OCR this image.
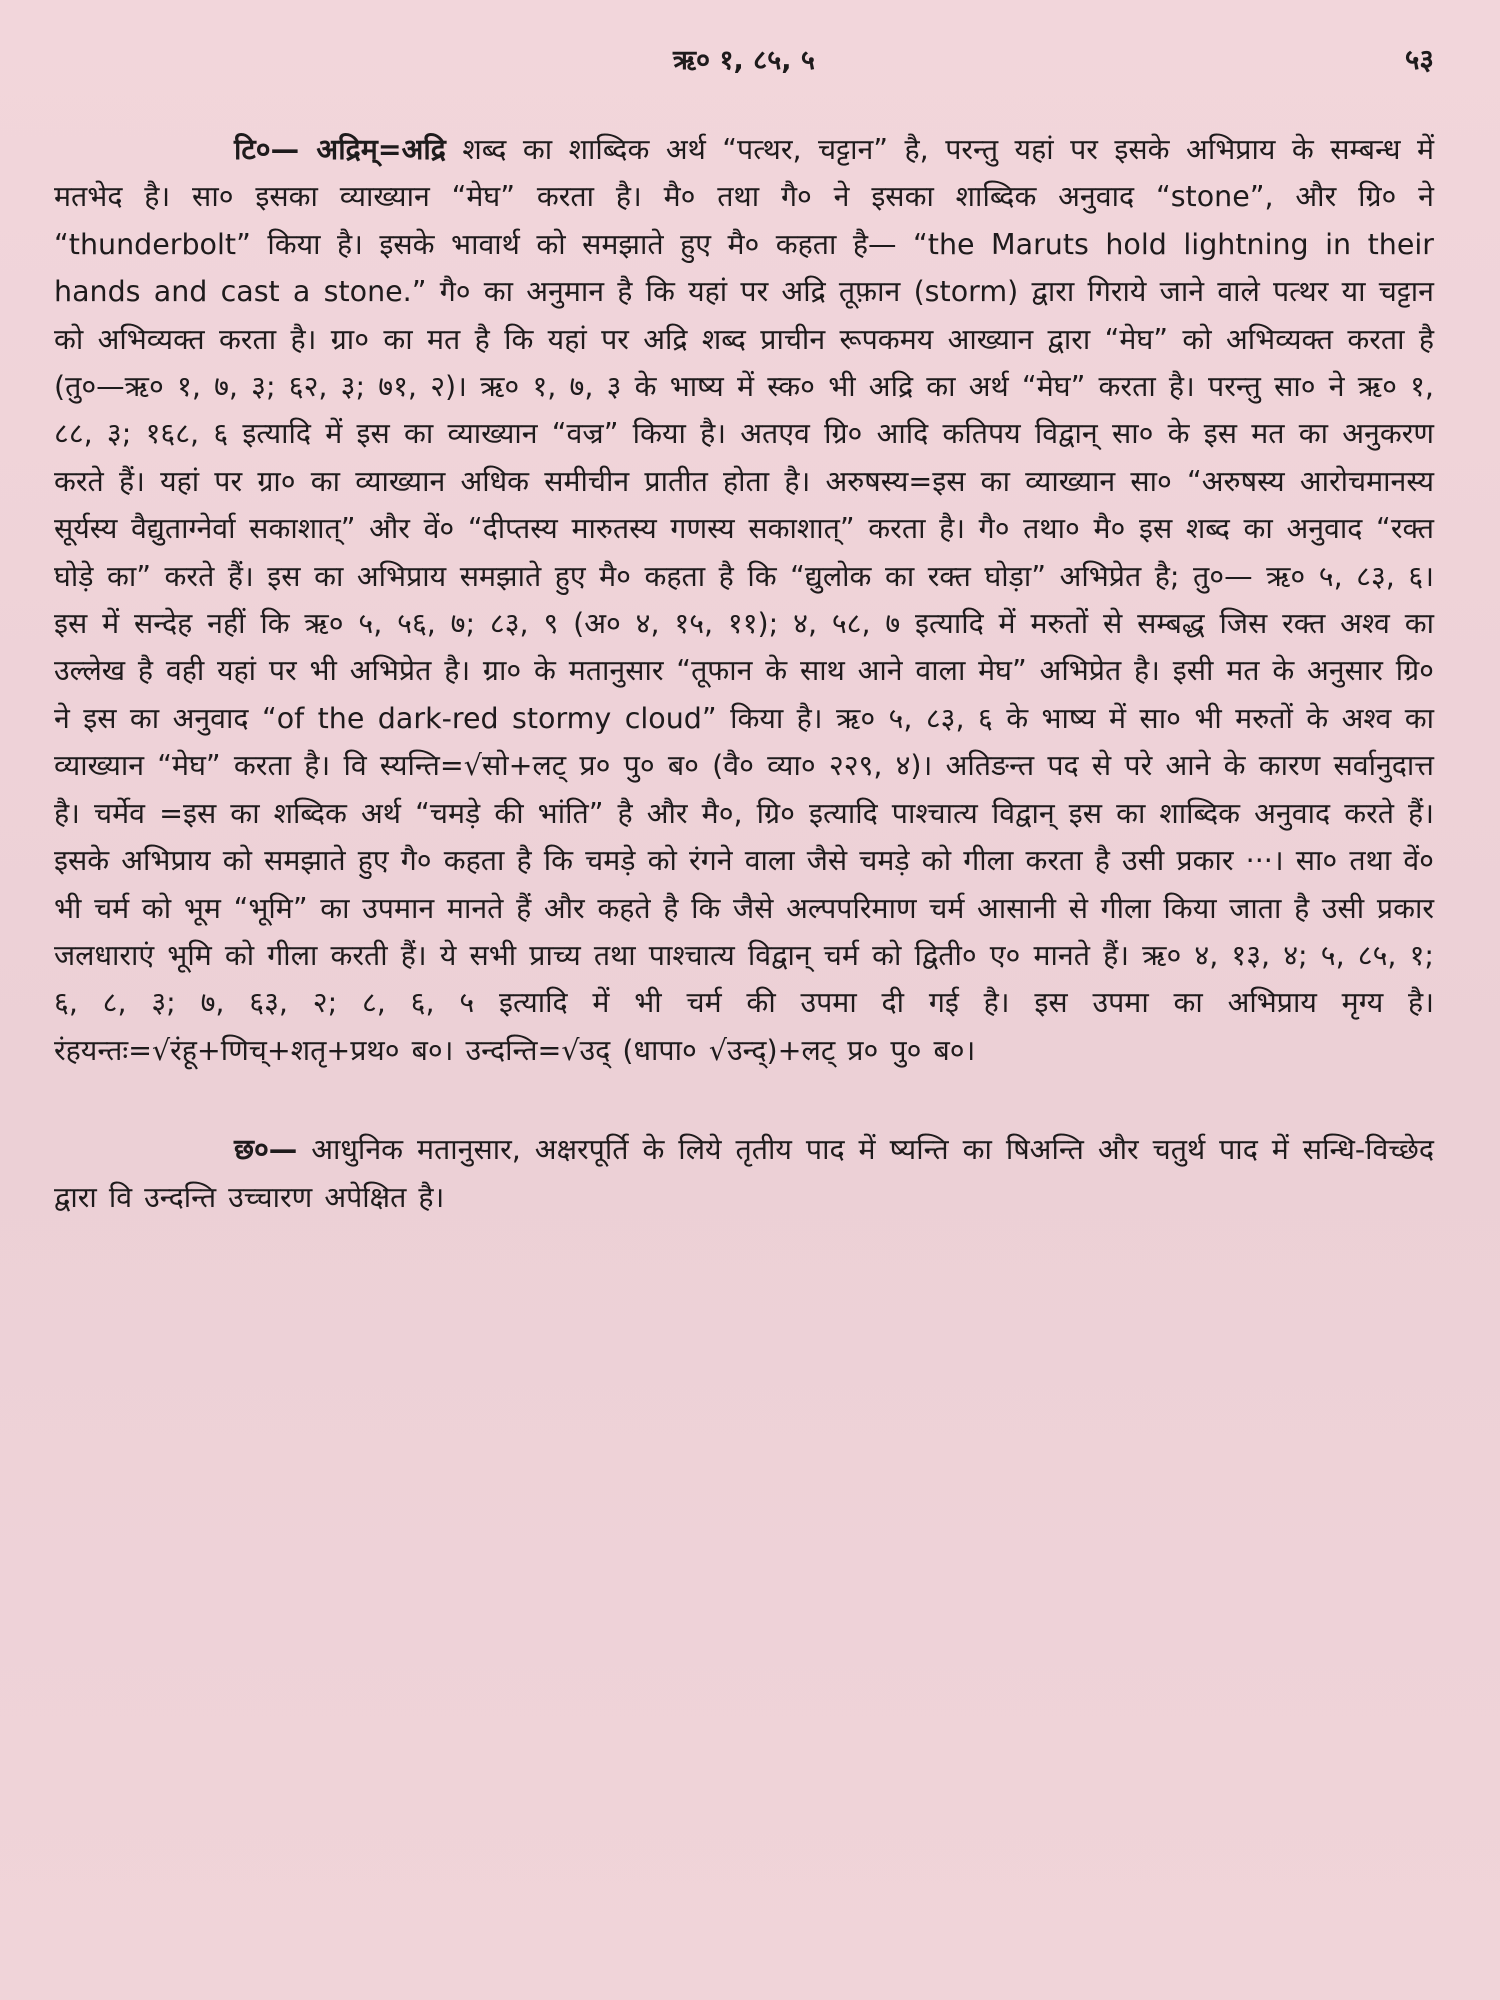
ऋ० १, ८५, ५	५३

टि०— अद्रिम्=अद्रि शब्द का शाब्दिक अर्थ “पत्थर, चट्टान” है, परन्तु यहां पर इसके अभिप्राय के सम्बन्ध में मतभेद है। सा० इसका व्याख्यान “मेघ” करता है। मै० तथा गै० ने इसका शाब्दिक अनुवाद “stone”, और ग्रि० ने “thunderbolt” किया है। इसके भावार्थ को समझाते हुए मै० कहता है— “the Maruts hold lightning in their hands and cast a stone.” गै० का अनुमान है कि यहां पर अद्रि तूफ़ान (storm) द्वारा गिराये जाने वाले पत्थर या चट्टान को अभिव्यक्त करता है। ग्रा० का मत है कि यहां पर अद्रि शब्द प्राचीन रूपकमय आख्यान द्वारा “मेघ” को अभिव्यक्त करता है (तु०—ऋ० १, ७, ३; ६२, ३; ७१, २)। ऋ० १, ७, ३ के भाष्य में स्क० भी अद्रि का अर्थ “मेघ” करता है। परन्तु सा० ने ऋ० १, ८८, ३; १६८, ६ इत्यादि में इस का व्याख्यान “वज्र” किया है। अतएव ग्रि० आदि कतिपय विद्वान् सा० के इस मत का अनुकरण करते हैं। यहां पर ग्रा० का व्याख्यान अधिक समीचीन प्रातीत होता है। अरुषस्य=इस का व्याख्यान सा० “अरुषस्य आरोचमानस्य सूर्यस्य वैद्युताग्नेर्वा सकाशात्” और वें० “दीप्तस्य मारुतस्य गणस्य सकाशात्” करता है। गै० तथा० मै० इस शब्द का अनुवाद “रक्त घोड़े का” करते हैं। इस का अभिप्राय समझाते हुए मै० कहता है कि “द्युलोक का रक्त घोड़ा” अभिप्रेत है; तु०— ऋ० ५, ८३, ६। इस में सन्देह नहीं कि ऋ० ५, ५६, ७; ८३, ९ (अ० ४, १५, ११); ४, ५८, ७ इत्यादि में मरुतों से सम्बद्ध जिस रक्त अश्व का उल्लेख है वही यहां पर भी अभिप्रेत है। ग्रा० के मतानुसार “तूफान के साथ आने वाला मेघ” अभिप्रेत है। इसी मत के अनुसार ग्रि० ने इस का अनुवाद “of the dark-red stormy cloud” किया है। ऋ० ५, ८३, ६ के भाष्य में सा० भी मरुतों के अश्व का व्याख्यान “मेघ” करता है। वि स्यन्ति=√सो+लट् प्र० पु० ब० (वै० व्या० २२९, ४)। अतिङन्त पद से परे आने के कारण सर्वानुदात्त है। चर्मेव =इस का शब्दिक अर्थ “चमड़े की भांति” है और मै०, ग्रि० इत्यादि पाश्चात्य विद्वान् इस का शाब्दिक अनुवाद करते हैं। इसके अभिप्राय को समझाते हुए गै० कहता है कि चमड़े को रंगने वाला जैसे चमड़े को गीला करता है उसी प्रकार ···। सा० तथा वें० भी चर्म को भूम “भूमि” का उपमान मानते हैं और कहते है कि जैसे अल्पपरिमाण चर्म आसानी से गीला किया जाता है उसी प्रकार जलधाराएं भूमि को गीला करती हैं। ये सभी प्राच्य तथा पाश्चात्य विद्वान् चर्म को द्विती० ए० मानते हैं। ऋ० ४, १३, ४; ५, ८५, १; ६, ८, ३; ७, ६३, २; ८, ६, ५ इत्यादि में भी चर्म की उपमा दी गई है। इस उपमा का अभिप्राय मृग्य है। रंहयन्तः=√रंहू+णिच्+शतृ+प्रथ० ब०। उन्दन्ति=√उद् (धापा० √उन्द्)+लट् प्र० पु० ब०।

छ०— आधुनिक मतानुसार, अक्षरपूर्ति के लिये तृतीय पाद में ष्यन्ति का षिअन्ति और चतुर्थ पाद में सन्धि-विच्छेद द्वारा वि उन्दन्ति उच्चारण अपेक्षित है।
